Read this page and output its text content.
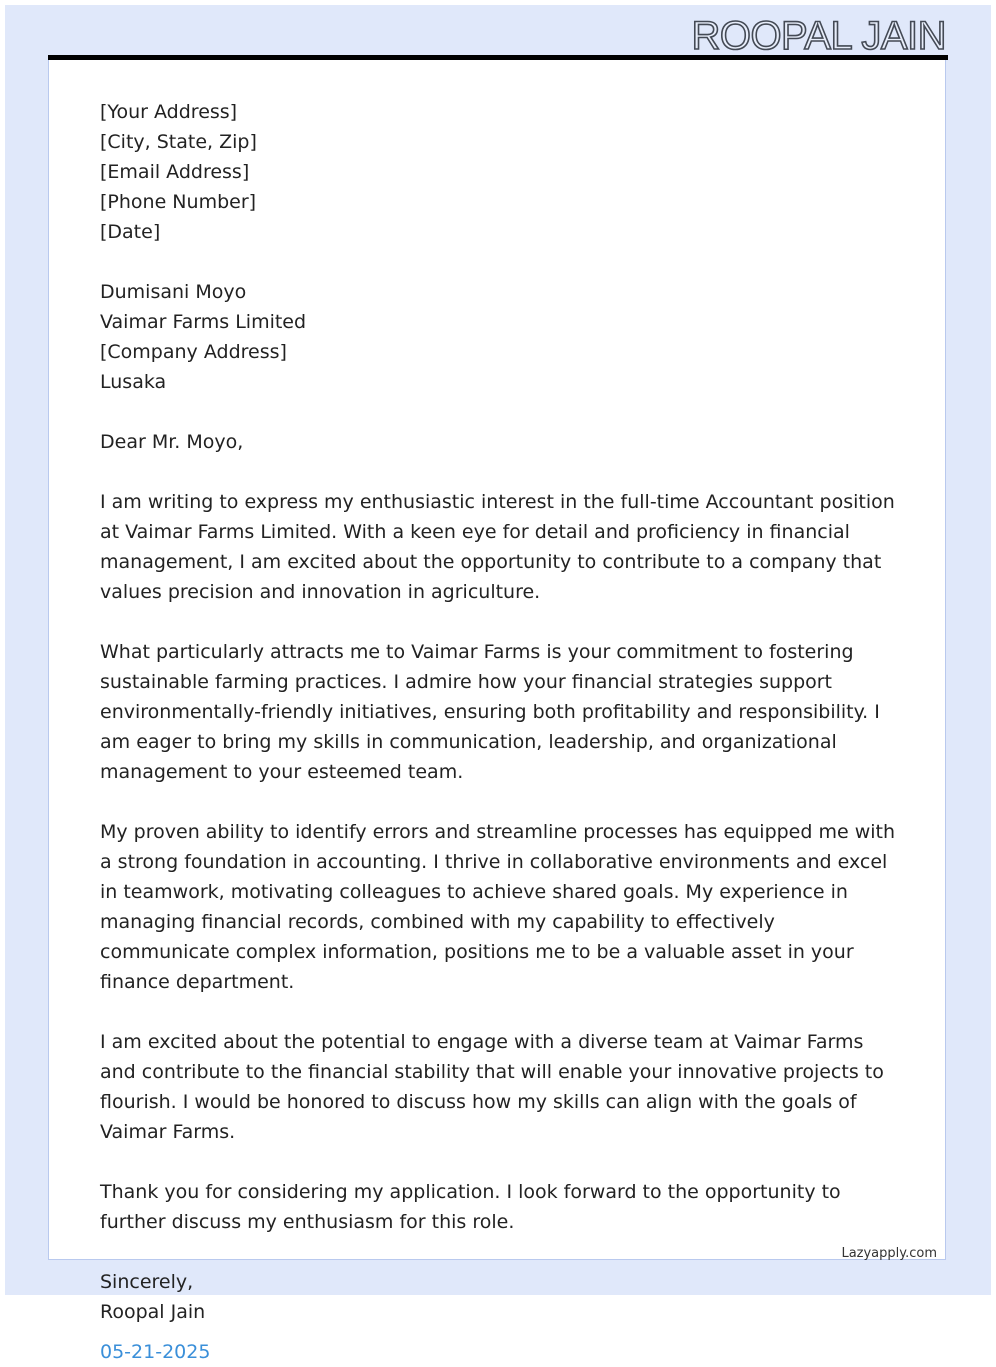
ROOPAL JAIN
[Your Address]
[City, State, Zip]
[Email Address]
[Phone Number]
[Date]
Dumisani Moyo
Vaimar Farms Limited
[Company Address]
Lusaka
Dear Mr. Moyo,

I am writing to express my enthusiastic interest in the full-time Accountant position at Vaimar Farms Limited. With a keen eye for detail and proficiency in financial management, I am excited about the opportunity to contribute to a company that values precision and innovation in agriculture.

What particularly attracts me to Vaimar Farms is your commitment to fostering sustainable farming practices. I admire how your financial strategies support environmentally-friendly initiatives, ensuring both profitability and responsibility. I am eager to bring my skills in communication, leadership, and organizational management to your esteemed team.

My proven ability to identify errors and streamline processes has equipped me with a strong foundation in accounting. I thrive in collaborative environments and excel in teamwork, motivating colleagues to achieve shared goals. My experience in managing financial records, combined with my capability to effectively communicate complex information, positions me to be a valuable asset in your finance department.

I am excited about the potential to engage with a diverse team at Vaimar Farms and contribute to the financial stability that will enable your innovative projects to flourish. I would be honored to discuss how my skills can align with the goals of Vaimar Farms.

Thank you for considering my application. I look forward to the opportunity to further discuss my enthusiasm for this role.

Sincerely,
Roopal Jain
05-21-2025
Lazyapply.com
